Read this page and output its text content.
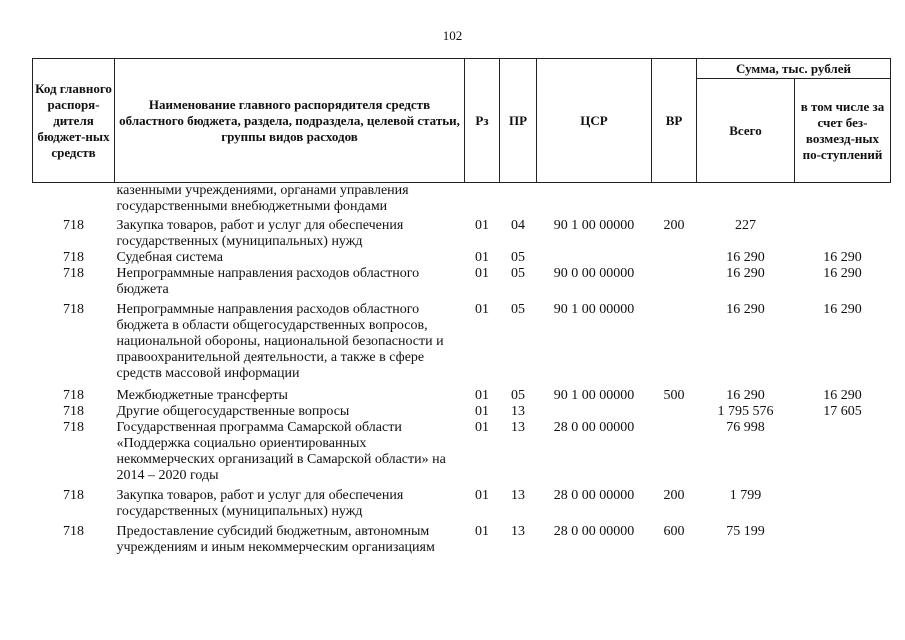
102
Код главного распоря-дителя бюджет-ных средств	Наименование главного распорядителя средств областного бюджета, раздела, подраздела, целевой статьи, группы видов расходов	Рз	ПР	ЦСР	ВР	Сумма, тыс. рублей	
						Всего	в том числе за счет без-возмезд-ных по-ступлений
	казенными учреждениями, органами управления государственными внебюджетными фондами						
718	Закупка товаров, работ и услуг для обеспечения государственных (муниципальных) нужд	01	04	90 1 00 00000	200	227	
718	Судебная система	01	05			16 290	16 290
718	Непрограммные направления расходов областного бюджета	01	05	90 0 00 00000		16 290	16 290
718	Непрограммные направления расходов областного бюджета в области общегосударственных вопросов, национальной обороны, национальной безопасности и правоохранительной деятельности, а также в сфере средств массовой информации	01	05	90 1 00 00000		16 290	16 290
718	Межбюджетные трансферты	01	05	90 1 00 00000	500	16 290	16 290
718	Другие общегосударственные вопросы	01	13			1 795 576	17 605
718	Государственная программа Самарской области «Поддержка социально ориентированных некоммерческих организаций в Самарской области» на 2014 – 2020 годы	01	13	28 0 00 00000		76 998	
718	Закупка товаров, работ и услуг для обеспечения государственных (муниципальных) нужд	01	13	28 0 00 00000	200	1 799	
718	Предоставление субсидий бюджетным, автономным учреждениям и иным некоммерческим организациям	01	13	28 0 00 00000	600	75 199	
